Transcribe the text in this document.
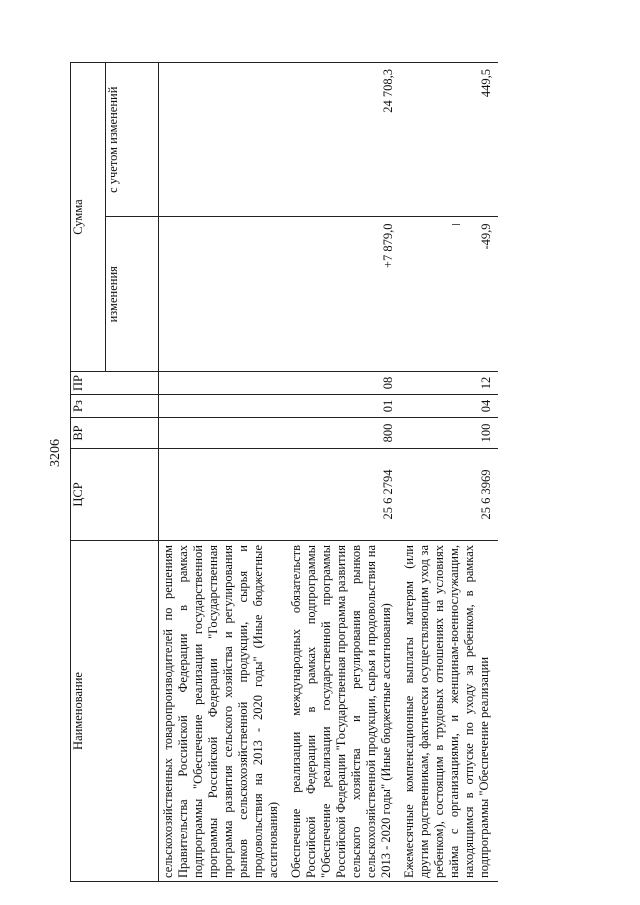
3206
Наименование	ЦСР	ВР	Рз	ПР	Сумма	
					изменения	с учетом изменений
сельскохозяйственных товаропроизводителей по решениям Правительства Российской Федерации в рамках подпрограммы "Обеспечение реализации государственной программы Российской Федерации "Государственная программа развития сельского хозяйства и регулирования рынков сельскохозяйственной продукции, сырья и продовольствия на 2013 - 2020 годы" (Иные бюджетные ассигнования)						
Обеспечение реализации международных обязательств Российской Федерации в рамках подпрограммы "Обеспечение реализации государственной программы Российской Федерации "Государственная программа развития сельского хозяйства и регулирования рынков сельскохозяйственной продукции, сырья и продовольствия на 2013 - 2020 годы" (Иные бюджетные ассигнования)	25 6 2794	800	01	08	+7 879,0	24 708,3
Ежемесячные компенсационные выплаты матерям (или другим родственникам, фактически осуществляющим уход за ребенком), состоящим в трудовых отношениях на условиях найма с организациями, и женщинам-военнослужащим, находящимся в отпуске по уходу за ребенком, в рамках подпрограммы "Обеспечение реализации	25 6 3969	100	04	12	-49,9	449,5
